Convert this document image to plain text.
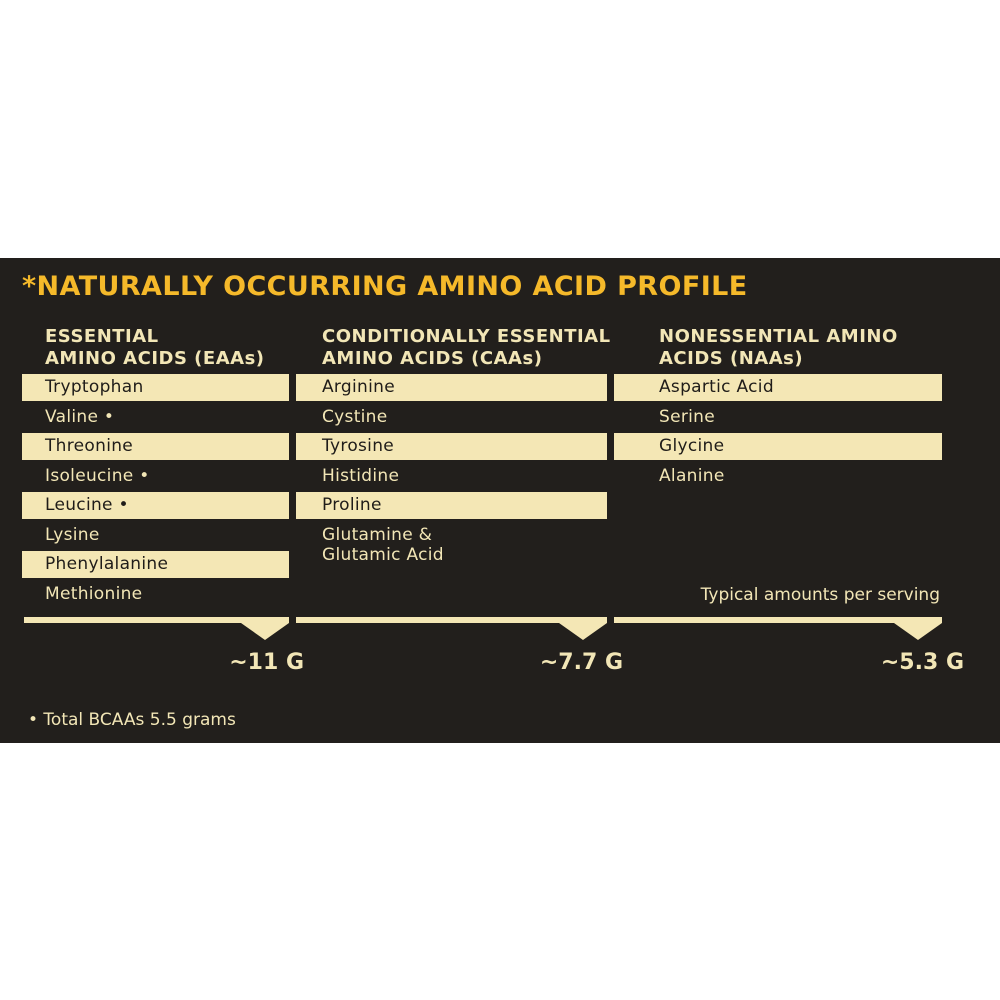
*NATURALLY OCCURRING AMINO ACID PROFILE
ESSENTIAL
AMINO ACIDS (EAAs)
CONDITIONALLY ESSENTIAL
AMINO ACIDS (CAAs)
NONESSENTIAL AMINO
ACIDS (NAAs)
Tryptophan
Valine •
Threonine
Isoleucine •
Leucine •
Lysine
Phenylalanine
Methionine
Arginine
Cystine
Tyrosine
Histidine
Proline
Glutamine &
Glutamic Acid
Aspartic Acid
Serine
Glycine
Alanine
Typical amounts per serving
~11 G	~7.7 G	~5.3 G
• Total BCAAs 5.5 grams
